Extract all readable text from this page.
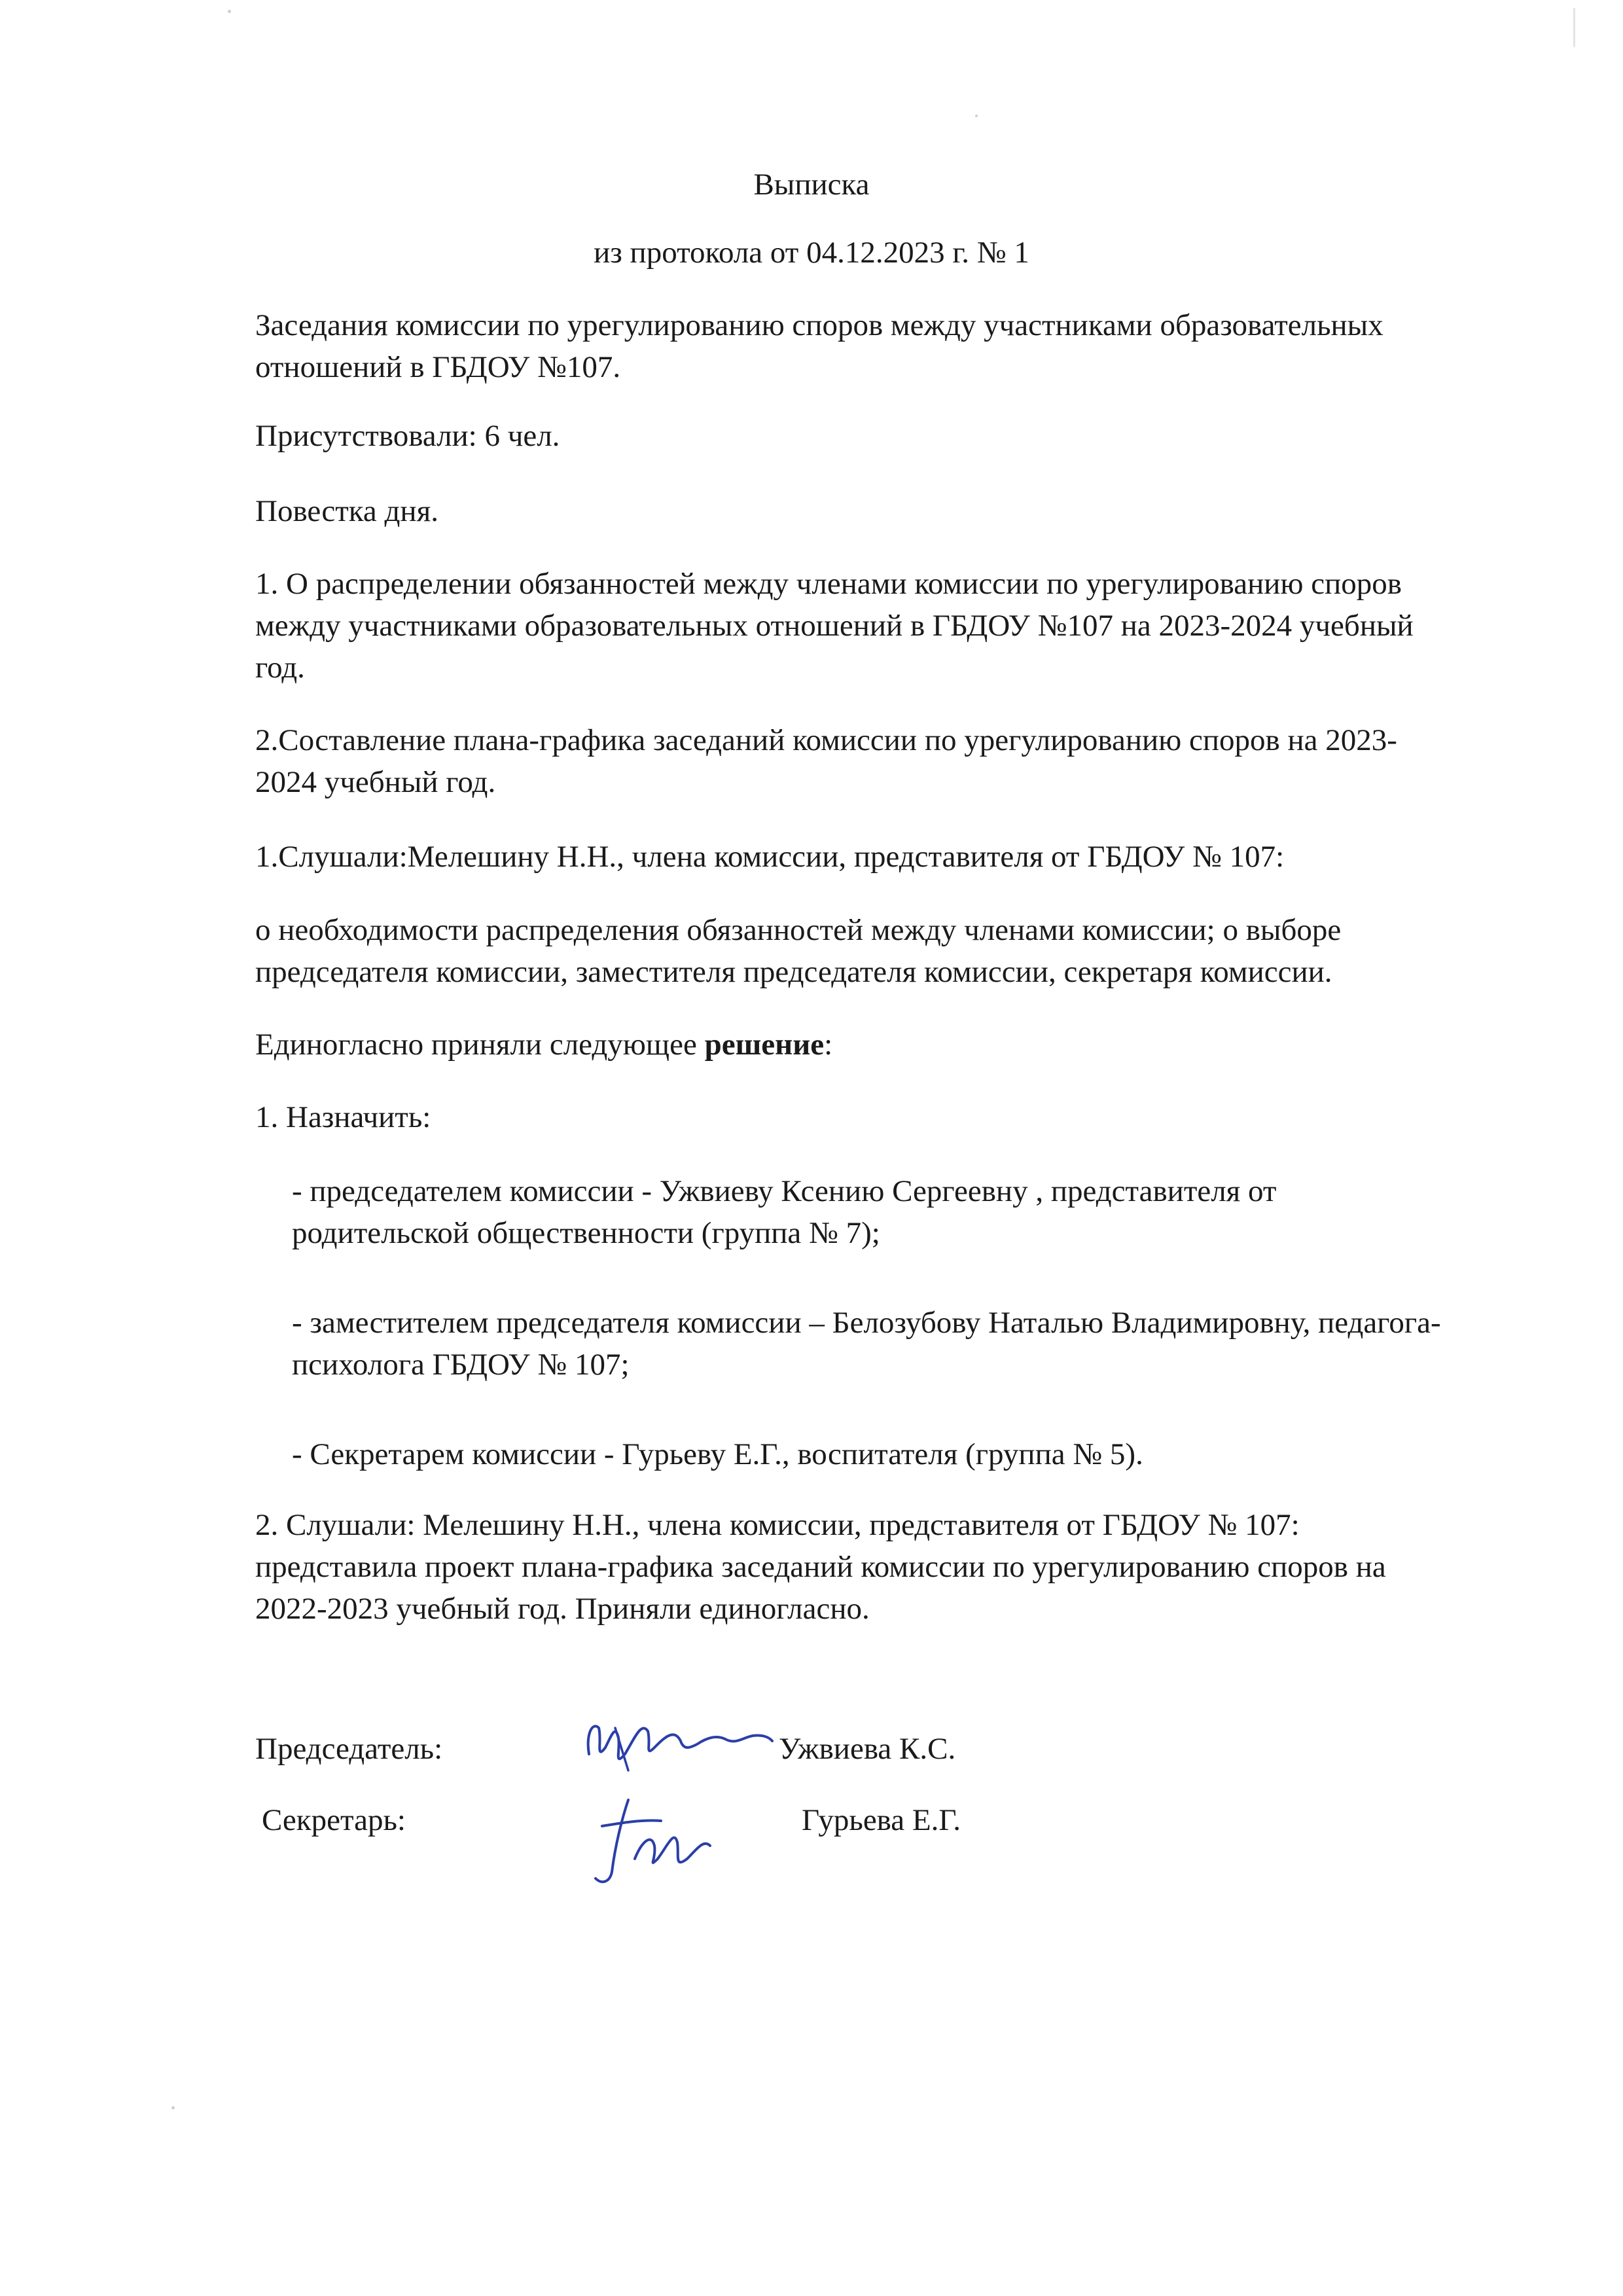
Выписка
из протокола от 04.12.2023 г. № 1
Заседания комиссии по урегулированию споров между участниками образовательных
отношений в ГБДОУ №107.
Присутствовали: 6 чел.
Повестка дня.
1. О распределении обязанностей между членами комиссии по урегулированию споров
между участниками образовательных отношений в ГБДОУ №107 на 2023-2024 учебный
год.
2.Составление плана-графика заседаний комиссии по урегулированию споров на 2023-
2024 учебный год.
1.Слушали:Мелешину Н.Н., члена комиссии, представителя от ГБДОУ № 107:
о необходимости распределения обязанностей между членами комиссии; о выборе
председателя комиссии, заместителя председателя комиссии, секретаря комиссии.
Единогласно приняли следующее решение:
1. Назначить:
- председателем комиссии - Ужвиеву Ксению Сергеевну , представителя от
родительской общественности (группа № 7);
- заместителем председателя комиссии – Белозубову Наталью Владимировну, педагога-
психолога ГБДОУ № 107;
- Секретарем комиссии - Гурьеву Е.Г., воспитателя (группа № 5).
2. Слушали: Мелешину Н.Н., члена комиссии, представителя от ГБДОУ № 107:
представила проект плана-графика заседаний комиссии по урегулированию споров на
2022-2023 учебный год. Приняли единогласно.
Председатель:	Ужвиева К.С.
Секретарь:	Гурьева Е.Г.
